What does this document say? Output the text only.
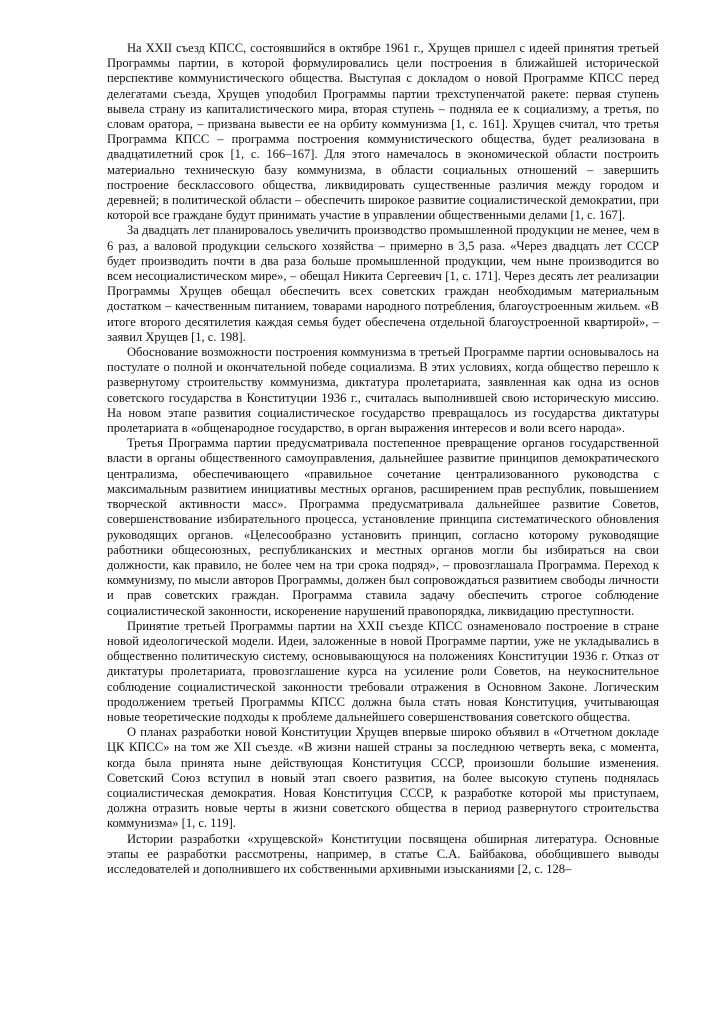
На XXII съезд КПСС, состоявшийся в октябре 1961 г., Хрущев пришел с идеей принятия третьей Программы партии, в которой формулировались цели построения в ближайшей исторической перспективе коммунистического общества. Выступая с докладом о новой Программе КПСС перед делегатами съезда, Хрущев уподобил Программы партии трехступенчатой ракете: первая ступень вывела страну из капиталистического мира, вторая ступень – подняла ее к социализму, а третья, по словам оратора, – призвана вывести ее на орбиту коммунизма [1, с. 161]. Хрущев считал, что третья Программа КПСС – программа построения коммунистического общества, будет реализована в двадцатилетний срок [1, с. 166–167]. Для этого намечалось в экономической области построить материально техническую базу коммунизма, в области социальных отношений – завершить построение бесклассового общества, ликвидировать существенные различия между городом и деревней; в политической области – обеспечить широкое развитие социалистической демократии, при которой все граждане будут принимать участие в управлении общественными делами [1, с. 167].

За двадцать лет планировалось увеличить производство промышленной продукции не менее, чем в 6 раз, а валовой продукции сельского хозяйства – примерно в 3,5 раза. «Через двадцать лет СССР будет производить почти в два раза больше промышленной продукции, чем ныне производится во всем несоциалистическом мире», – обещал Никита Сергеевич [1, с. 171]. Через десять лет реализации Программы Хрущев обещал обеспечить всех советских граждан необходимым материальным достатком – качественным питанием, товарами народного потребления, благоустроенным жильем. «В итоге второго десятилетия каждая семья будет обеспечена отдельной благоустроенной квартирой», – заявил Хрущев [1, с. 198].

Обоснование возможности построения коммунизма в третьей Программе партии основывалось на постулате о полной и окончательной победе социализма. В этих условиях, когда общество перешло к развернутому строительству коммунизма, диктатура пролетариата, заявленная как одна из основ советского государства в Конституции 1936 г., считалась выполнившей свою историческую миссию. На новом этапе развития социалистическое государство превращалось из государства диктатуры пролетариата в «общенародное государство, в орган выражения интересов и воли всего народа».

Третья Программа партии предусматривала постепенное превращение органов государственной власти в органы общественного самоуправления, дальнейшее развитие принципов демократического централизма, обеспечивающего «правильное сочетание централизованного руководства с максимальным развитием инициативы местных органов, расширением прав республик, повышением творческой активности масс». Программа предусматривала дальнейшее развитие Советов, совершенствование избирательного процесса, установление принципа систематического обновления руководящих органов. «Целесообразно установить принцип, согласно которому руководящие работники общесоюзных, республиканских и местных органов могли бы избираться на свои должности, как правило, не более чем на три срока подряд», – провозглашала Программа. Переход к коммунизму, по мысли авторов Программы, должен был сопровождаться развитием свободы личности и прав советских граждан. Программа ставила задачу обеспечить строгое соблюдение социалистической законности, искоренение нарушений правопорядка, ликвидацию преступности.

Принятие третьей Программы партии на XXII съезде КПСС ознаменовало построение в стране новой идеологической модели. Идеи, заложенные в новой Программе партии, уже не укладывались в общественно политическую систему, основывающуюся на положениях Конституции 1936 г. Отказ от диктатуры пролетариата, провозглашение курса на усиление роли Советов, на неукоснительное соблюдение социалистической законности требовали отражения в Основном Законе. Логическим продолжением третьей Программы КПСС должна была стать новая Конституция, учитывающая новые теоретические подходы к проблеме дальнейшего совершенствования советского общества.

О планах разработки новой Конституции Хрущев впервые широко объявил в «Отчетном докладе ЦК КПСС» на том же XII съезде. «В жизни нашей страны за последнюю четверть века, с момента, когда была принята ныне действующая Конституция СССР, произошли большие изменения. Советский Союз вступил в новый этап своего развития, на более высокую ступень поднялась социалистическая демократия. Новая Конституция СССР, к разработке которой мы приступаем, должна отразить новые черты в жизни советского общества в период развернутого строительства коммунизма» [1, с. 119].

Истории разработки «хрущевской» Конституции посвящена обширная литература. Основные этапы ее разработки рассмотрены, например, в статье С.А. Байбакова, обобщившего выводы исследователей и дополнившего их собственными архивными изысканиями [2, с. 128–
